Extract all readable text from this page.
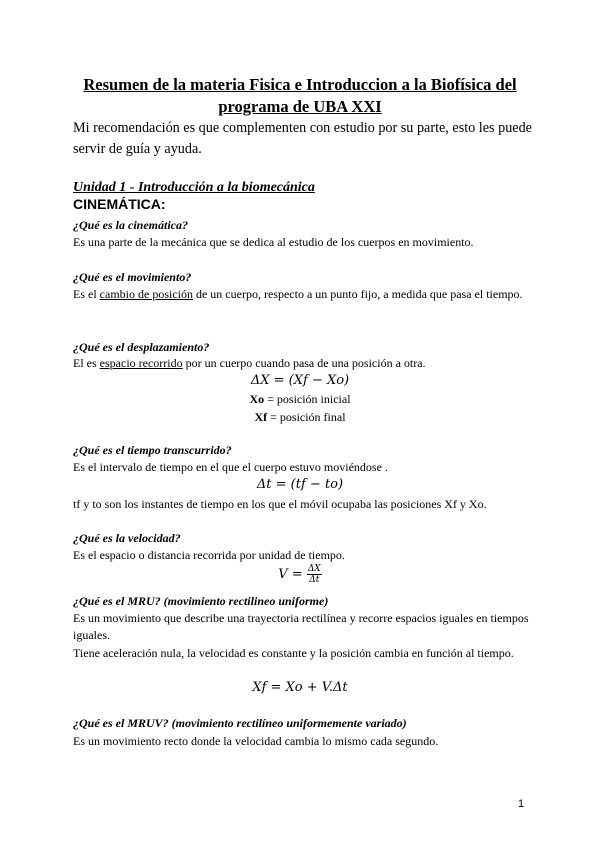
Resumen de la materia Fisica e Introduccion a la Biofísica del programa de UBA XXI
Mi recomendación es que complementen con estudio por su parte, esto les puede servir de guía y ayuda.
Unidad 1 - Introducción a la biomecánica
CINEMÁTICA:
¿Qué es la cinemática?
Es una parte de la mecánica que se dedica al estudio de los cuerpos en movimiento.
¿Qué es el movimiento?
Es el cambio de posición de un cuerpo, respecto a un punto fijo, a medida que pasa el tiempo.
¿Qué es el desplazamiento?
El es espacio recorrido por un cuerpo cuando pasa de una posición a otra.
ΔX = (Xf − Xo)
Xo = posición inicial
Xf = posición final
¿Qué es el tiempo transcurrido?
Es el intervalo de tiempo en el que el cuerpo estuvo moviéndose .
Δt = (tf − to)
tf y to son los instantes de tiempo en los que el móvil ocupaba las posiciones Xf y Xo.
¿Qué es la velocidad?
Es el espacio o distancia recorrida por unidad de tiempo.
$V = \frac{\Delta X}{\Delta t}$
¿Qué es el MRU? (movimiento rectilineo uniforme)
Es un movimiento que describe una trayectoria rectilínea y recorre espacios iguales en tiempos iguales.
Tiene aceleración nula, la velocidad es constante y la posición cambia en función al tiempo.
Xf = Xo + V.Δt
¿Qué es el MRUV? (movimiento rectilíneo uniformemente variado)
Es un movimiento recto donde la velocidad cambia lo mismo cada segundo.
1
